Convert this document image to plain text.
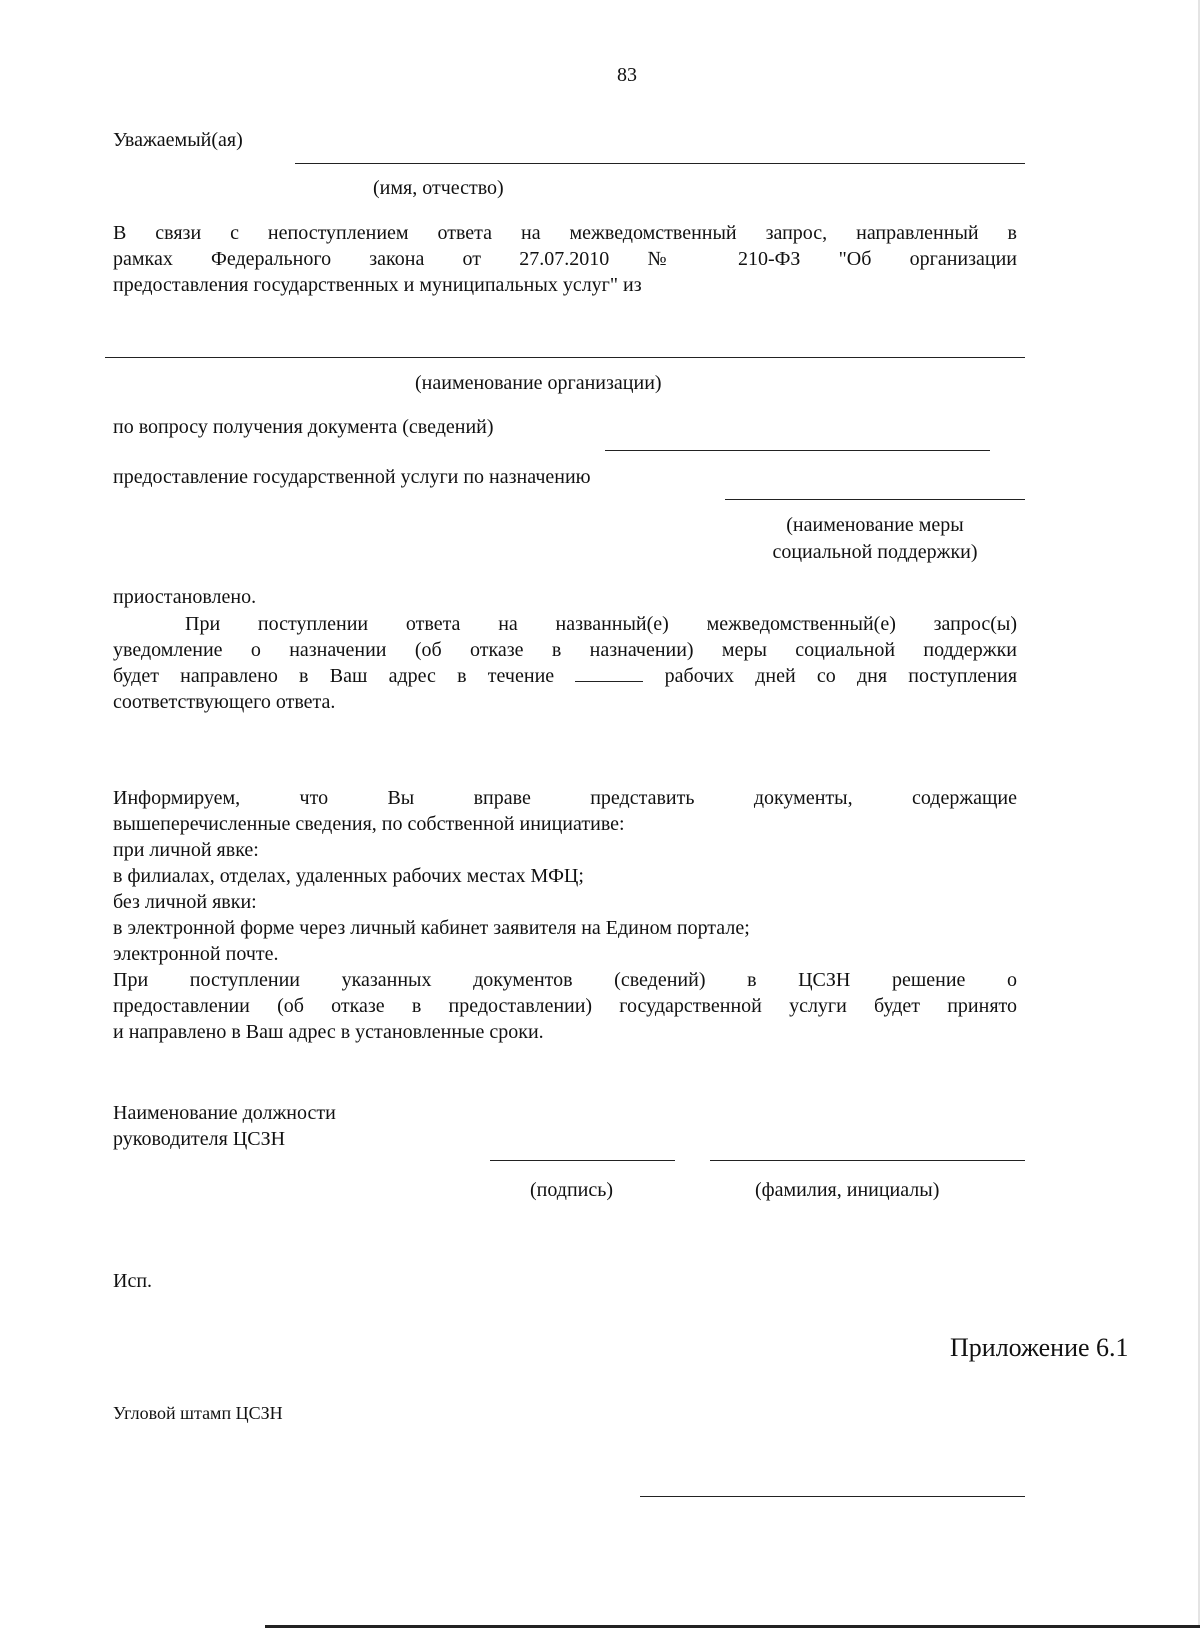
83
Уважаемый(ая)
(имя, отчество)
В связи с непоступлением ответа на межведомственный запрос, направленный в
рамках Федерального закона от 27.07.2010 № 210-ФЗ "Об организации
предоставления государственных и муниципальных услуг" из
(наименование организации)
по вопросу получения документа (сведений)
предоставление государственной услуги по назначению
(наименование меры
социальной поддержки)
приостановлено.
При поступлении ответа на названный(е) межведомственный(е) запрос(ы)
уведомление о назначении (об отказе в назначении) меры социальной поддержки
будет направлено в Ваш адрес в течение	рабочих дней со дня поступления
соответствующего ответа.
Информируем, что Вы вправе представить документы, содержащие
вышеперечисленные сведения, по собственной инициативе:
при личной явке:
в филиалах, отделах, удаленных рабочих местах МФЦ;
без личной явки:
в электронной форме через личный кабинет заявителя на Едином портале;
электронной почте.
При поступлении указанных документов (сведений) в ЦСЗН решение о
предоставлении (об отказе в предоставлении) государственной услуги будет принято
и направлено в Ваш адрес в установленные сроки.
Наименование должности
руководителя ЦСЗН
(подпись)	(фамилия, инициалы)
Исп.
Приложение 6.1
Угловой штамп ЦСЗН
